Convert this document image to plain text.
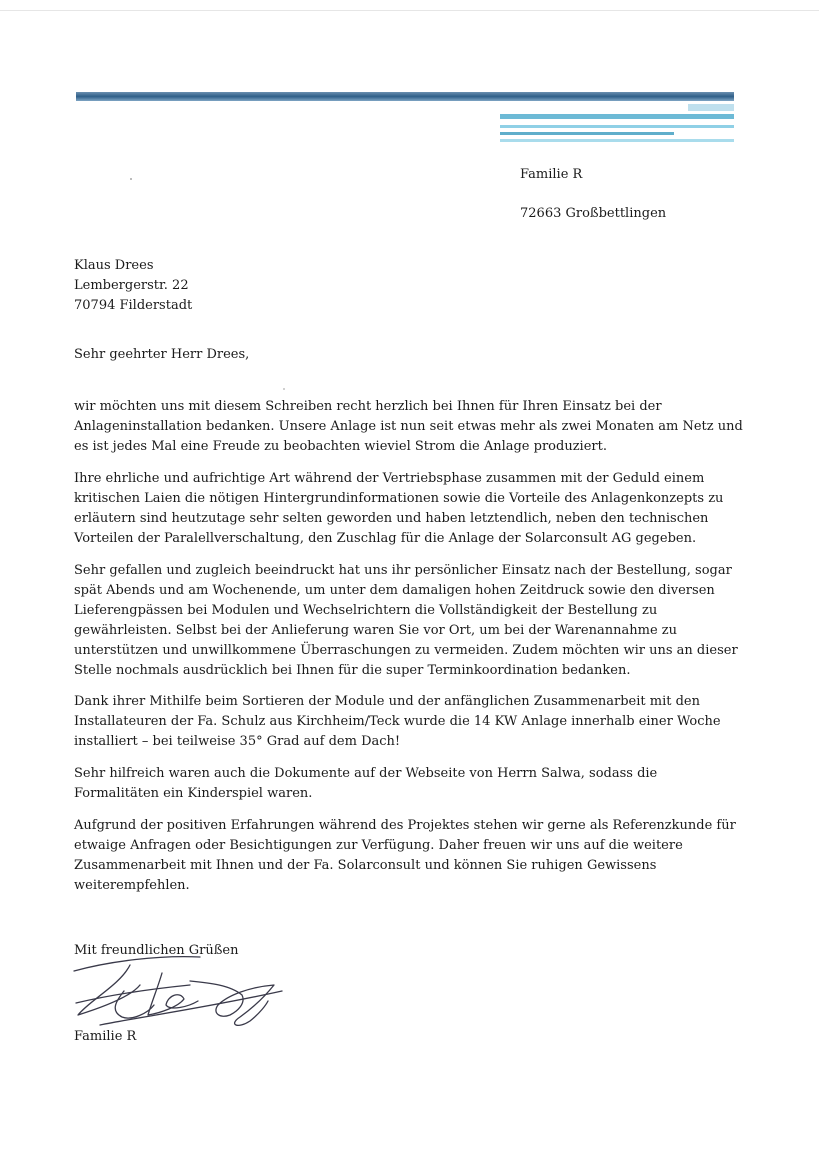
Familie R
72663 Großbettlingen
Klaus Drees
Lembergerstr. 22
70794 Filderstadt
Sehr geehrter Herr Drees,
wir möchten uns mit diesem Schreiben recht herzlich bei Ihnen für Ihren Einsatz bei der Anlageninstallation bedanken. Unsere Anlage ist nun seit etwas mehr als zwei Monaten am Netz und es ist jedes Mal eine Freude zu beobachten wieviel Strom die Anlage produziert.
Ihre ehrliche und aufrichtige Art während der Vertriebsphase zusammen mit der Geduld einem kritischen Laien die nötigen Hintergrundinformationen sowie die Vorteile des Anlagenkonzepts zu erläutern sind heutzutage sehr selten geworden und haben letztendlich, neben den technischen Vorteilen der Paralellverschaltung, den Zuschlag für die Anlage der Solarconsult AG gegeben.
Sehr gefallen und zugleich beeindruckt hat uns ihr persönlicher Einsatz nach der Bestellung, sogar spät Abends und am Wochenende, um unter dem damaligen hohen Zeitdruck sowie den diversen Lieferengpässen bei Modulen und Wechselrichtern die Vollständigkeit der Bestellung zu gewährleisten. Selbst bei der Anlieferung waren Sie vor Ort, um bei der Warenannahme zu unterstützen und unwillkommene Überraschungen zu vermeiden. Zudem möchten wir uns an dieser Stelle nochmals ausdrücklich bei Ihnen für die super Terminkoordination bedanken.
Dank ihrer Mithilfe beim Sortieren der Module und der anfänglichen Zusammenarbeit mit den Installateuren der Fa. Schulz aus Kirchheim/Teck wurde die 14 KW Anlage innerhalb einer Woche installiert – bei teilweise 35° Grad auf dem Dach!
Sehr hilfreich waren auch die Dokumente auf der Webseite von Herrn Salwa, sodass die Formalitäten ein Kinderspiel waren.
Aufgrund der positiven Erfahrungen während des Projektes stehen wir gerne als Referenzkunde für etwaige Anfragen oder Besichtigungen zur Verfügung. Daher freuen wir uns auf die weitere Zusammenarbeit mit Ihnen und der Fa. Solarconsult und können Sie ruhigen Gewissens weiterempfehlen.
Mit freundlichen Grüßen
Familie R
